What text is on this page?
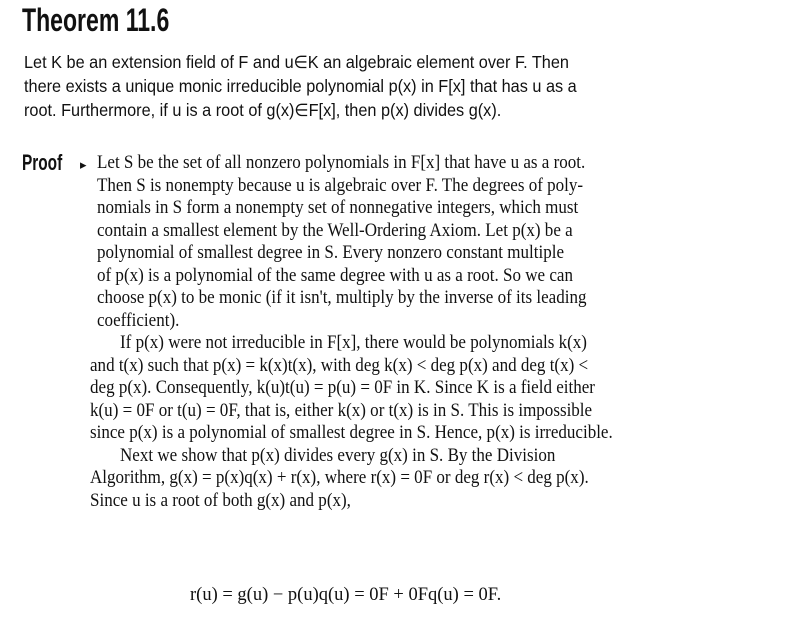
Theorem 11.6
Let K be an extension field of F and u∈K an algebraic element over F. Then
there exists a unique monic irreducible polynomial p(x) in F[x] that has u as a
root. Furthermore, if u is a root of g(x)∈F[x], then p(x) divides g(x).
Proof ▸ Let S be the set of all nonzero polynomials in F[x] that have u as a root.
Then S is nonempty because u is algebraic over F. The degrees of poly-
nomials in S form a nonempty set of nonnegative integers, which must
contain a smallest element by the Well-Ordering Axiom. Let p(x) be a
polynomial of smallest degree in S. Every nonzero constant multiple
of p(x) is a polynomial of the same degree with u as a root. So we can
choose p(x) to be monic (if it isn't, multiply by the inverse of its leading
coefficient).
If p(x) were not irreducible in F[x], there would be polynomials k(x)
and t(x) such that p(x) = k(x)t(x), with deg k(x) < deg p(x) and deg t(x) <
deg p(x). Consequently, k(u)t(u) = p(u) = 0F in K. Since K is a field either
k(u) = 0F or t(u) = 0F, that is, either k(x) or t(x) is in S. This is impossible
since p(x) is a polynomial of smallest degree in S. Hence, p(x) is irreducible.
Next we show that p(x) divides every g(x) in S. By the Division
Algorithm, g(x) = p(x)q(x) + r(x), where r(x) = 0F or deg r(x) < deg p(x).
Since u is a root of both g(x) and p(x),
r(u) = g(u) − p(u)q(u) = 0F + 0Fq(u) = 0F.
